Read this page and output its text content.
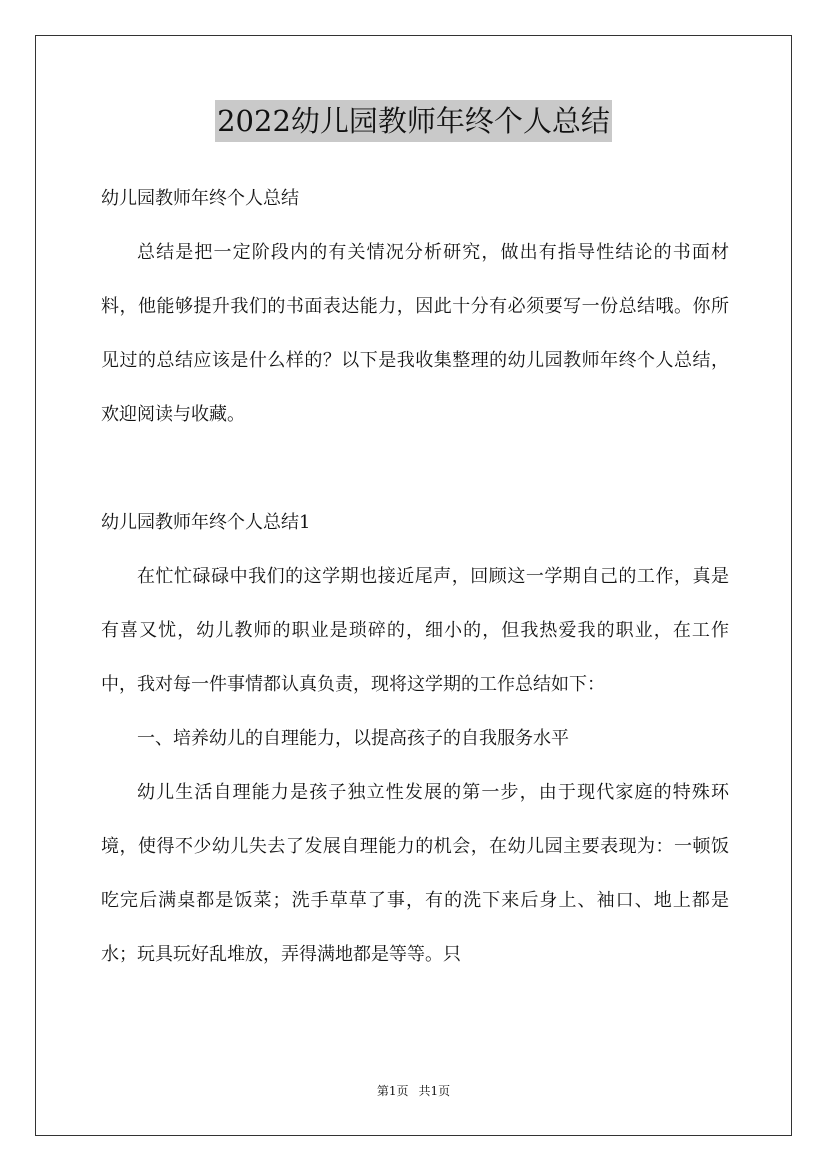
2022幼儿园教师年终个人总结

幼儿园教师年终个人总结

总结是把一定阶段内的有关情况分析研究，做出有指导性结论的书面材料，他能够提升我们的书面表达能力，因此十分有必须要写一份总结哦。你所见过的总结应该是什么样的？以下是我收集整理的幼儿园教师年终个人总结，欢迎阅读与收藏。

幼儿园教师年终个人总结1

在忙忙碌碌中我们的这学期也接近尾声，回顾这一学期自己的工作，真是有喜又忧，幼儿教师的职业是琐碎的，细小的，但我热爱我的职业，在工作中，我对每一件事情都认真负责，现将这学期的工作总结如下：

一、培养幼儿的自理能力，以提高孩子的自我服务水平

幼儿生活自理能力是孩子独立性发展的第一步，由于现代家庭的特殊环境，使得不少幼儿失去了发展自理能力的机会，在幼儿园主要表现为：一顿饭吃完后满桌都是饭菜；洗手草草了事，有的洗下来后身上、袖口、地上都是水；玩具玩好乱堆放，弄得满地都是等等。只

第1页 共1页
